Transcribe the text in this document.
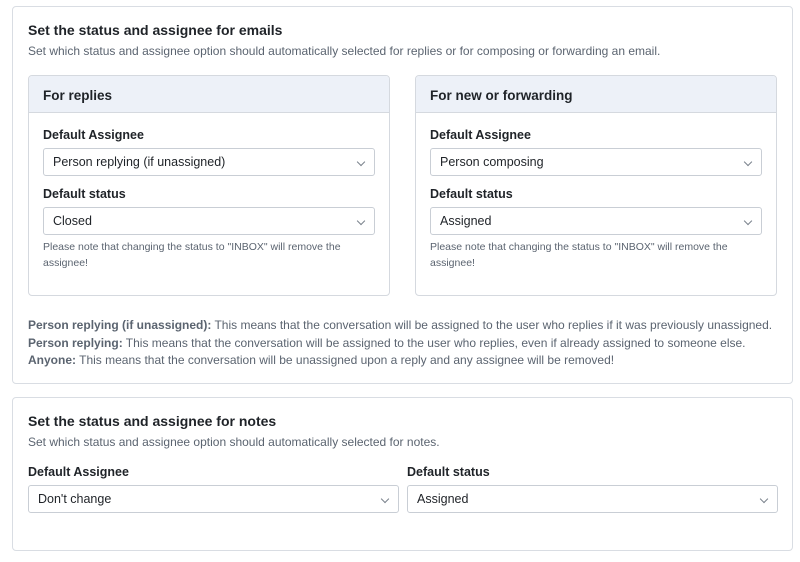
Set the status and assignee for emails
Set which status and assignee option should automatically selected for replies or for composing or forwarding an email.
For replies
Default Assignee
Person replying (if unassigned)
Default status
Closed
Please note that changing the status to "INBOX" will remove the assignee!
For new or forwarding
Default Assignee
Person composing
Default status
Assigned
Please note that changing the status to "INBOX" will remove the assignee!
Person replying (if unassigned): This means that the conversation will be assigned to the user who replies if it was previously unassigned.
Person replying: This means that the conversation will be assigned to the user who replies, even if already assigned to someone else.
Anyone: This means that the conversation will be unassigned upon a reply and any assignee will be removed!
Set the status and assignee for notes
Set which status and assignee option should automatically selected for notes.
Default Assignee
Don't change
Default status
Assigned
